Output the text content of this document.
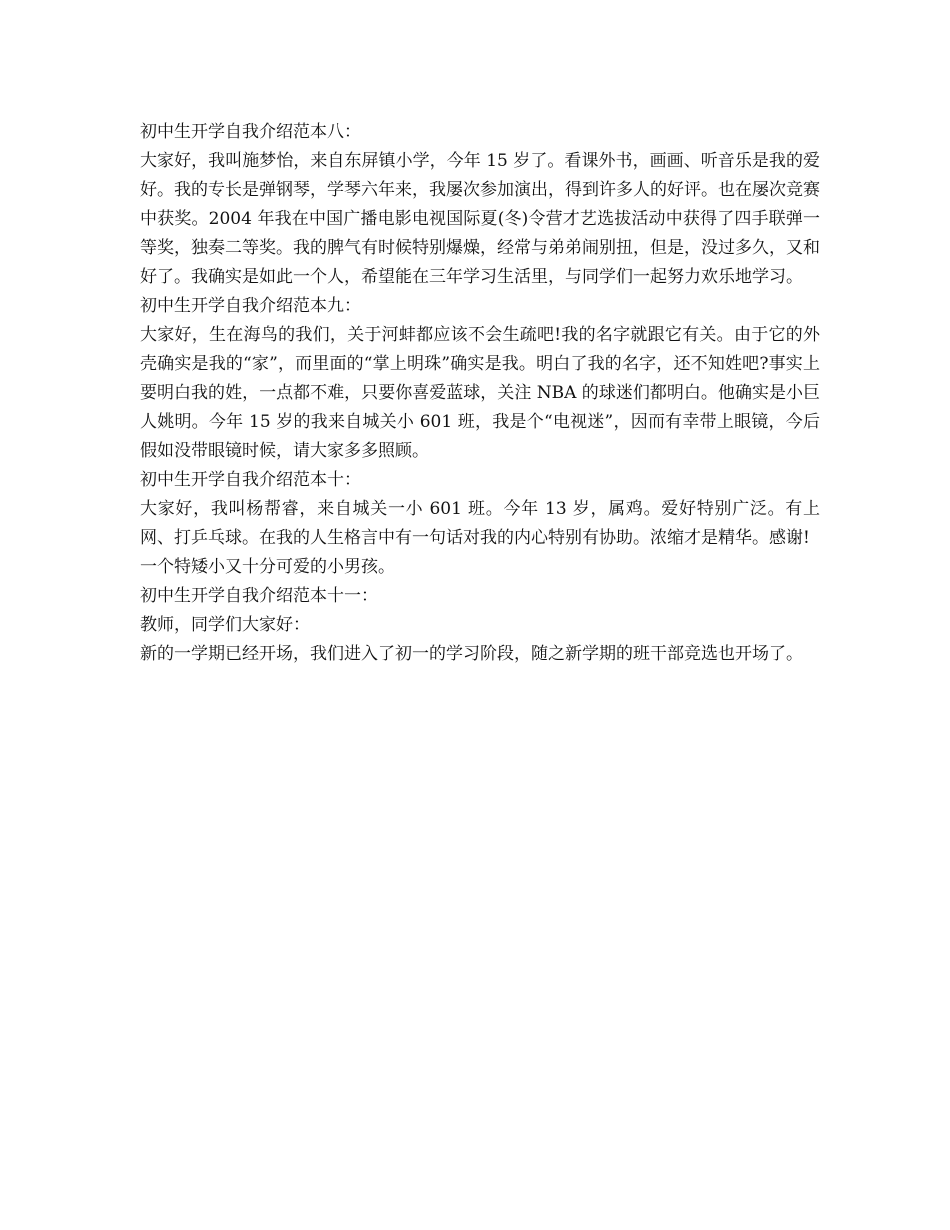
初中生开学自我介绍范本八：

大家好，我叫施梦怡，来自东屏镇小学，今年 15 岁了。看课外书，画画、听音乐是我的爱好。我的专长是弹钢琴，学琴六年来，我屡次参加演出，得到许多人的好评。也在屡次竞赛中获奖。2004 年我在中国广播电影电视国际夏(冬)令营才艺选拔活动中获得了四手联弹一等奖，独奏二等奖。我的脾气有时候特别爆燥，经常与弟弟闹别扭，但是，没过多久，又和好了。我确实是如此一个人，希望能在三年学习生活里，与同学们一起努力欢乐地学习。

初中生开学自我介绍范本九：

大家好，生在海鸟的我们，关于河蚌都应该不会生疏吧!我的名字就跟它有关。由于它的外壳确实是我的“家”，而里面的“掌上明珠”确实是我。明白了我的名字，还不知姓吧?事实上要明白我的姓，一点都不难，只要你喜爱蓝球，关注 NBA 的球迷们都明白。他确实是小巨人姚明。今年 15 岁的我来自城关小 601 班，我是个“电视迷”，因而有幸带上眼镜，今后假如没带眼镜时候，请大家多多照顾。

初中生开学自我介绍范本十：

大家好，我叫杨帮睿，来自城关一小 601 班。今年 13 岁，属鸡。爱好特别广泛。有上网、打乒乓球。在我的人生格言中有一句话对我的内心特别有协助。浓缩才是精华。感谢!

一个特矮小又十分可爱的小男孩。

初中生开学自我介绍范本十一：

教师，同学们大家好：

新的一学期已经开场，我们进入了初一的学习阶段，随之新学期的班干部竞选也开场了。
